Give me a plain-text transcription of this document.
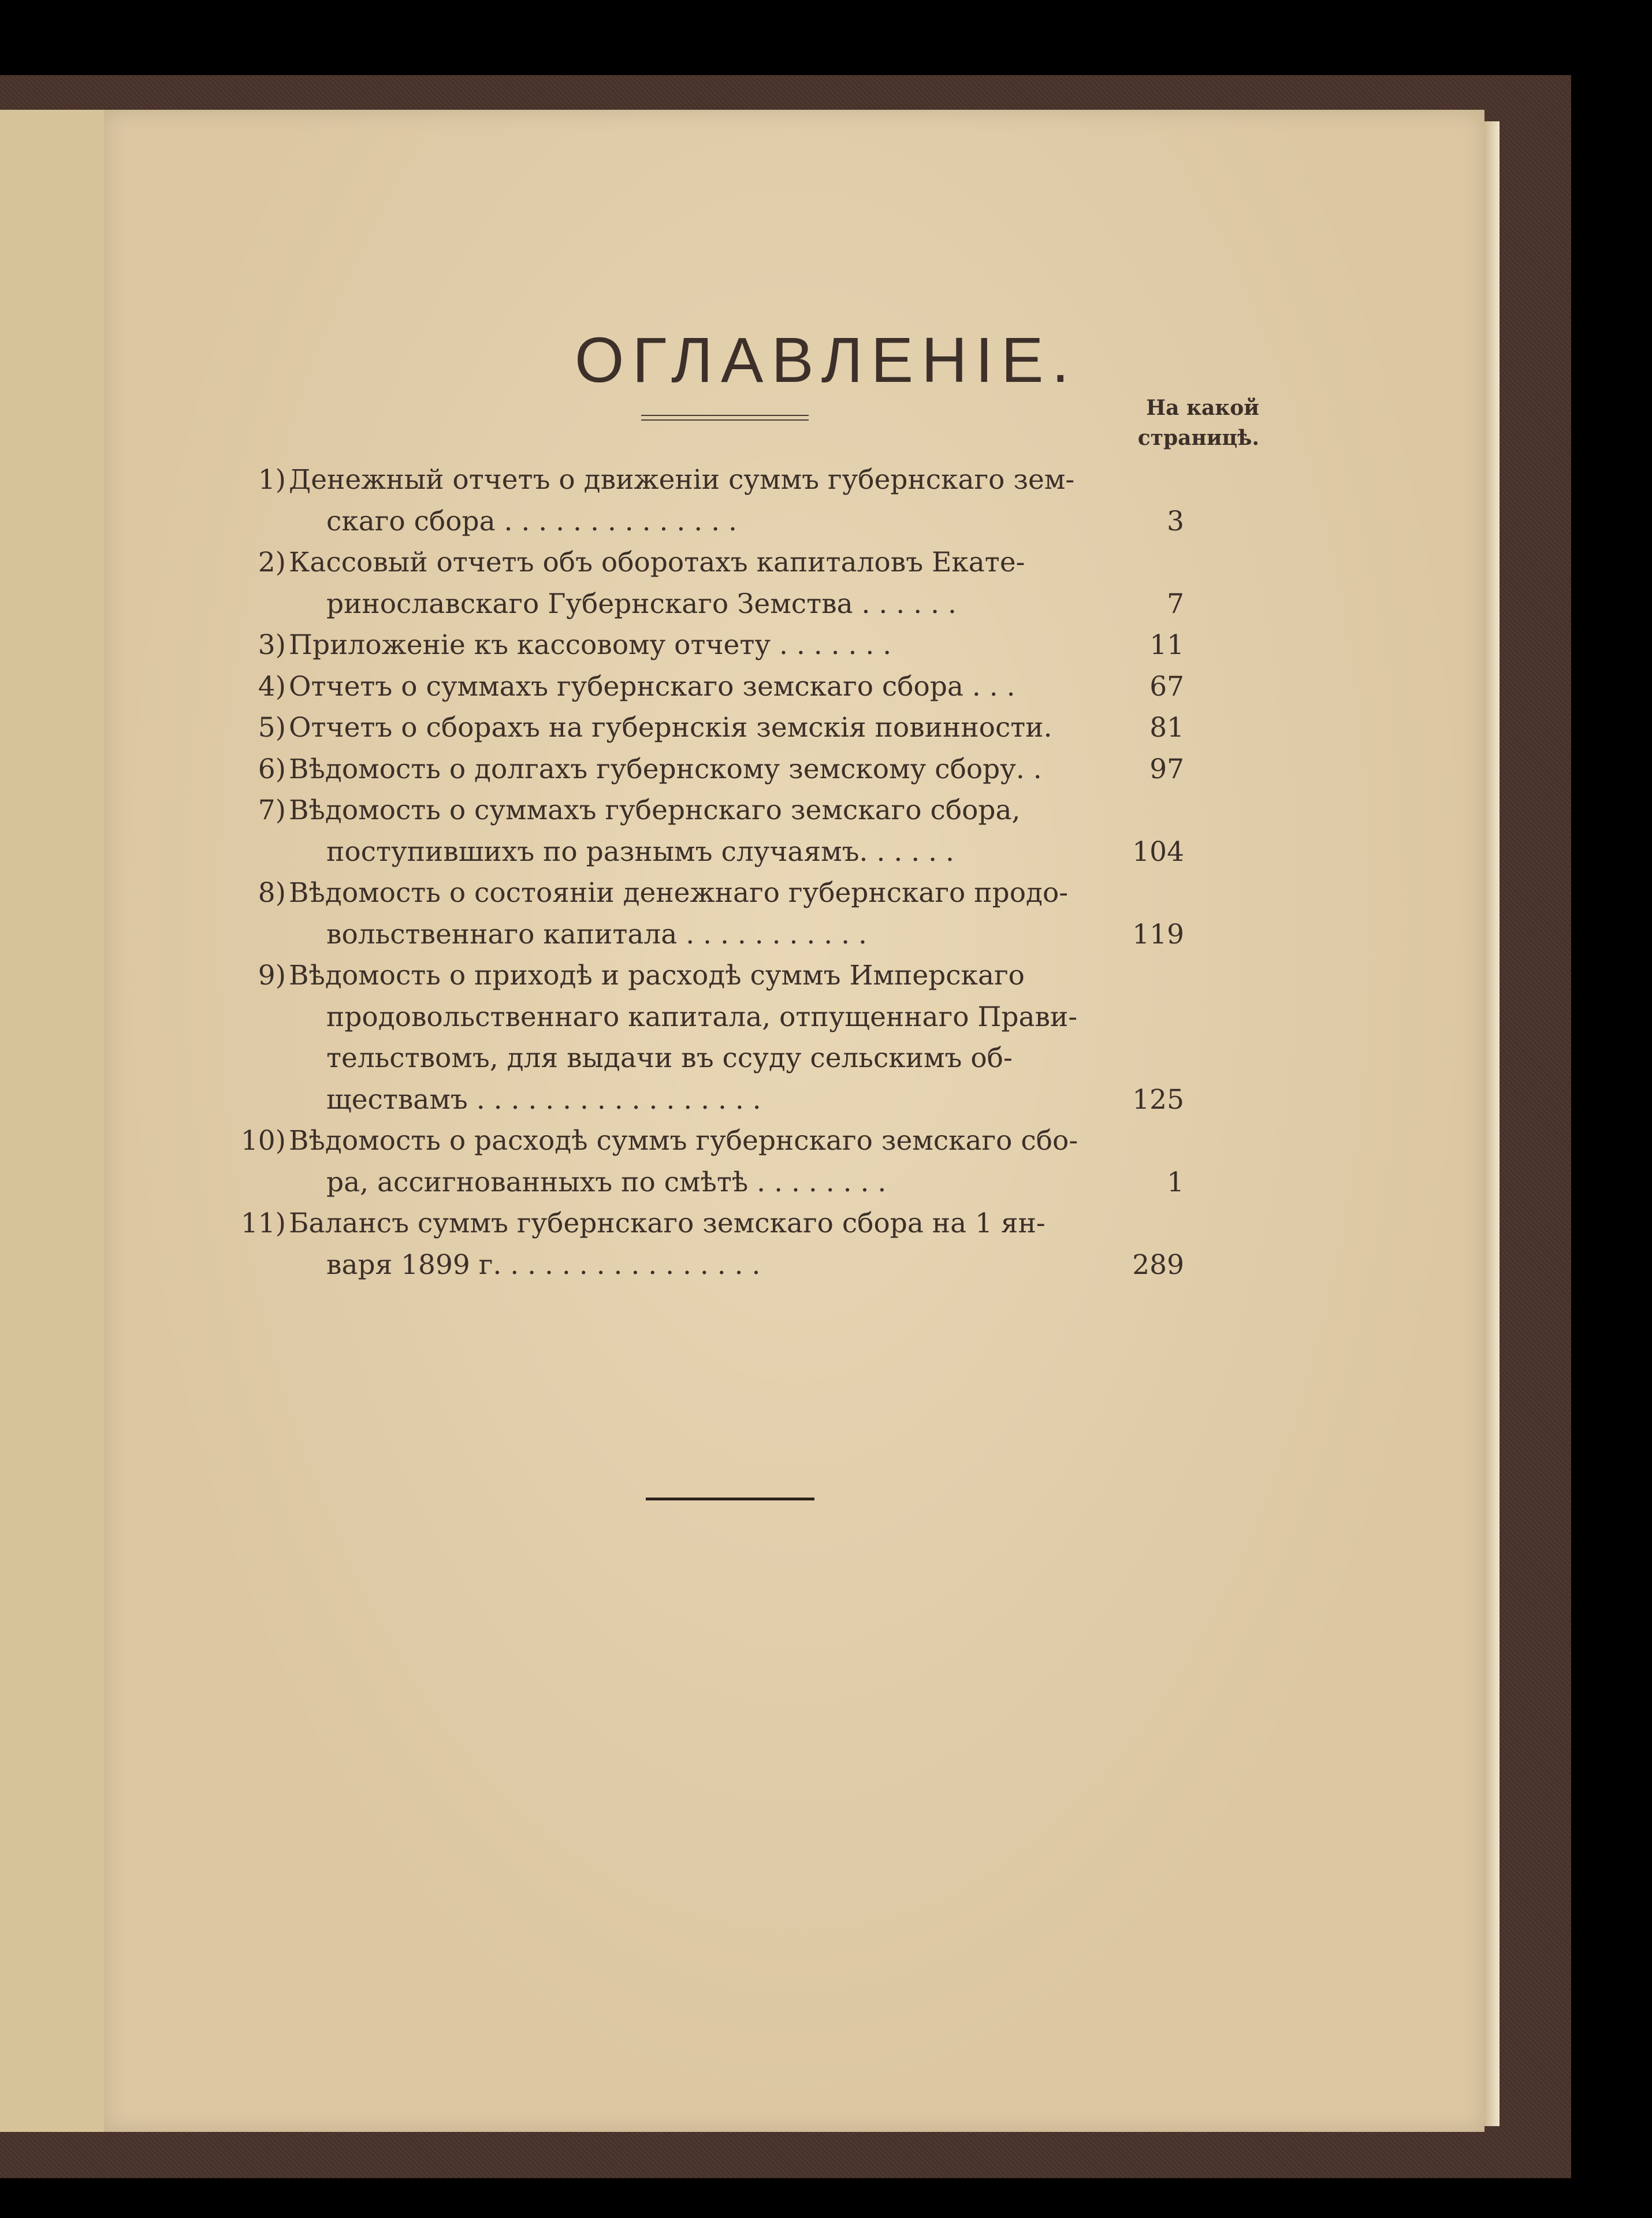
ОГЛАВЛЕНІЕ.
На какой
страницѣ.
1) Денежный отчетъ о движеніи суммъ губернскаго зем-
скаго сбора . . . . . . . . . . . . . .	3
2) Кассовый отчетъ объ оборотахъ капиталовъ Екате-
ринославскаго Губернскаго Земства . . . . . .	7
3) Приложеніе къ кассовому отчету . . . . . . .	11
4) Отчетъ о суммахъ губернскаго земскаго сбора . . .	67
5) Отчетъ о сборахъ на губернскія земскія повинности.	81
6) Вѣдомость о долгахъ губернскому земскому сбору. .	97
7) Вѣдомость о суммахъ губернскаго земскаго сбора,
поступившихъ по разнымъ случаямъ. . . . . .	104
8) Вѣдомость о состояніи денежнаго губернскаго продо-
вольственнаго капитала . . . . . . . . . . .	119
9) Вѣдомость о приходѣ и расходѣ суммъ Имперскаго
продовольственнаго капитала, отпущеннаго Прави-
тельствомъ, для выдачи въ ссуду сельскимъ об-
ществамъ . . . . . . . . . . . . . . . . .	125
10) Вѣдомость о расходѣ суммъ губернскаго земскаго сбо-
ра, ассигнованныхъ по смѣтѣ . . . . . . . .	1
11) Балансъ суммъ губернскаго земскаго сбора на 1 ян-
варя 1899 г. . . . . . . . . . . . . . . .	289
